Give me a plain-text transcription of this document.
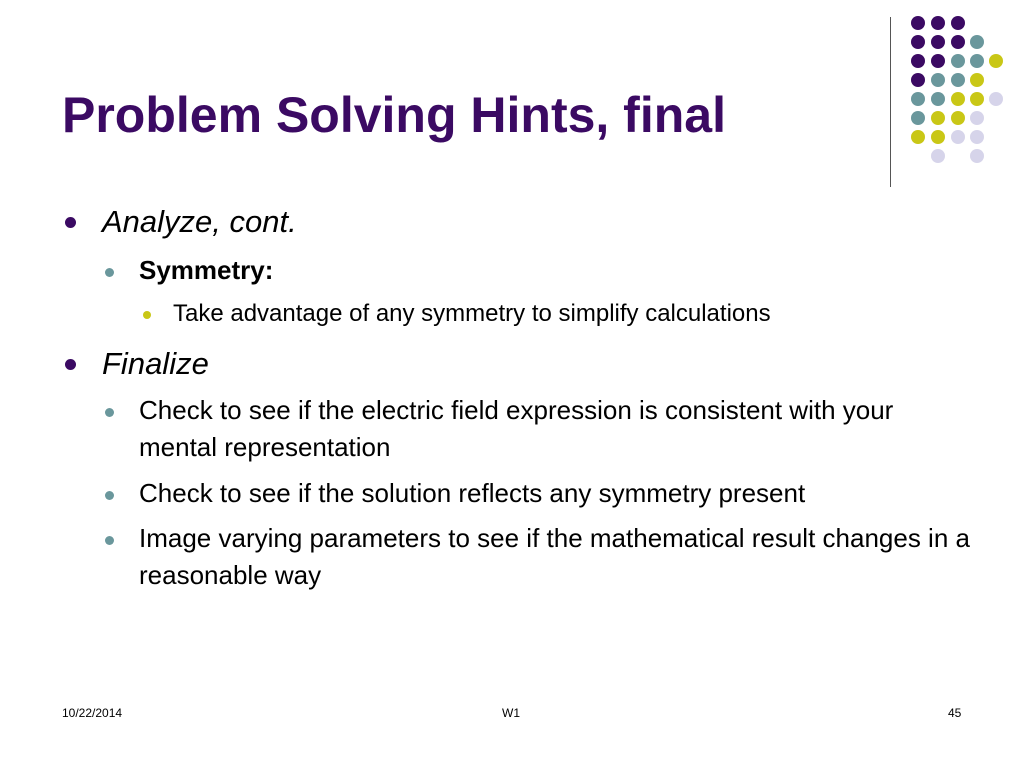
Problem Solving Hints, final

Analyze, cont.

Symmetry:

Take advantage of any symmetry to simplify calculations

Finalize

Check to see if the electric field expression is consistent with your mental representation

Check to see if the solution reflects any symmetry present

Image varying parameters to see if the mathematical result changes in a reasonable way

10/22/2014	W1	45
